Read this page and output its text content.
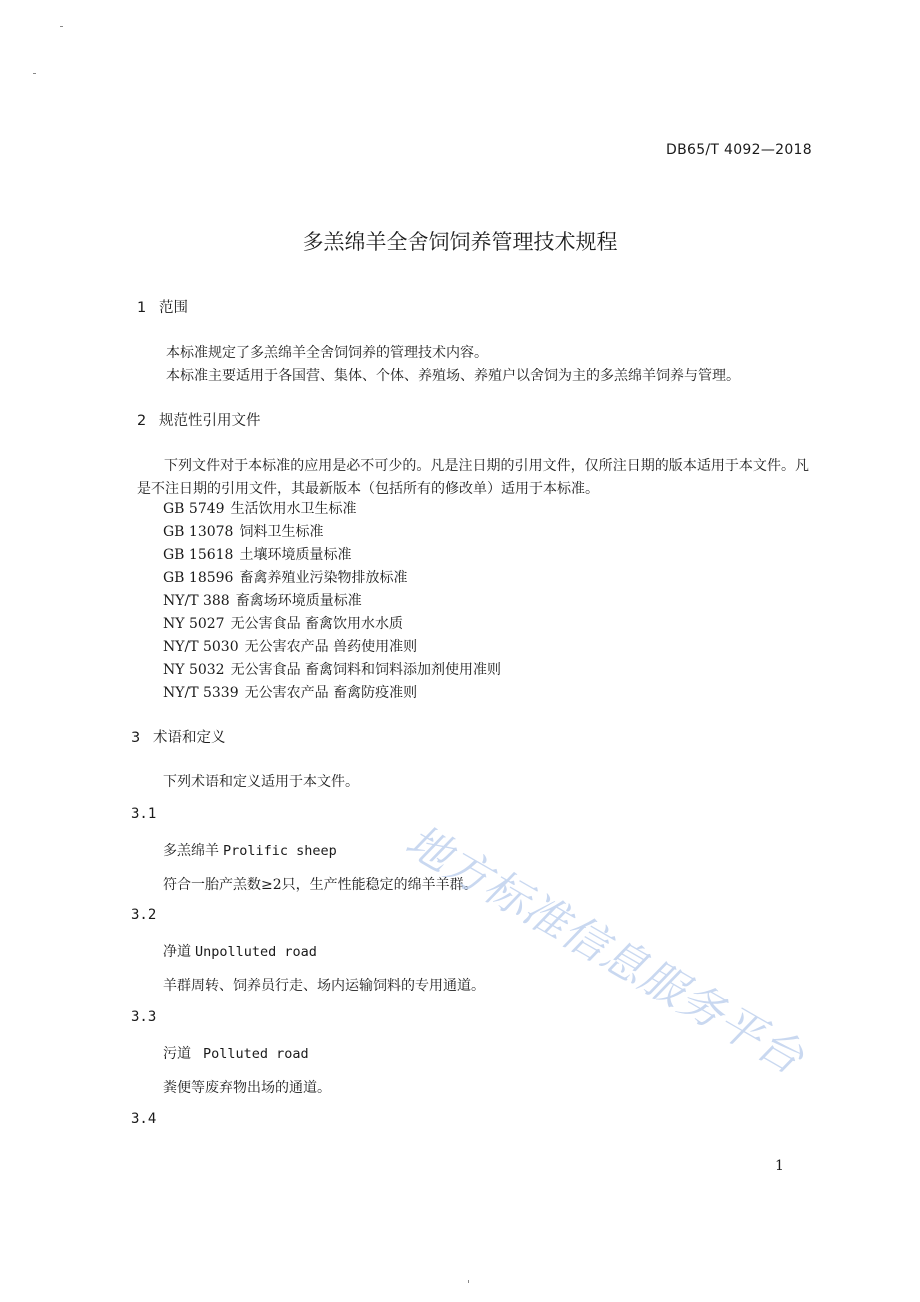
DB65/T 4092—2018
多羔绵羊全舍饲饲养管理技术规程
1 范围
本标准规定了多羔绵羊全舍饲饲养的管理技术内容。
本标准主要适用于各国营、集体、个体、养殖场、养殖户以舍饲为主的多羔绵羊饲养与管理。
2 规范性引用文件
下列文件对于本标准的应用是必不可少的。凡是注日期的引用文件，仅所注日期的版本适用于本文件。凡是不注日期的引用文件，其最新版本（包括所有的修改单）适用于本标准。
GB 5749 生活饮用水卫生标准
GB 13078 饲料卫生标准
GB 15618 土壤环境质量标准
GB 18596 畜禽养殖业污染物排放标准
NY/T 388 畜禽场环境质量标准
NY 5027 无公害食品 畜禽饮用水水质
NY/T 5030 无公害农产品 兽药使用准则
NY 5032 无公害食品 畜禽饲料和饲料添加剂使用准则
NY/T 5339 无公害农产品 畜禽防疫准则
3 术语和定义
下列术语和定义适用于本文件。
3.1
多羔绵羊 Prolific sheep
符合一胎产羔数≥2只，生产性能稳定的绵羊羊群。
3.2
净道 Unpolluted road
羊群周转、饲养员行走、场内运输饲料的专用通道。
3.3
污道 Polluted road
粪便等废弃物出场的通道。
3.4
1
地方标准信息服务平台
